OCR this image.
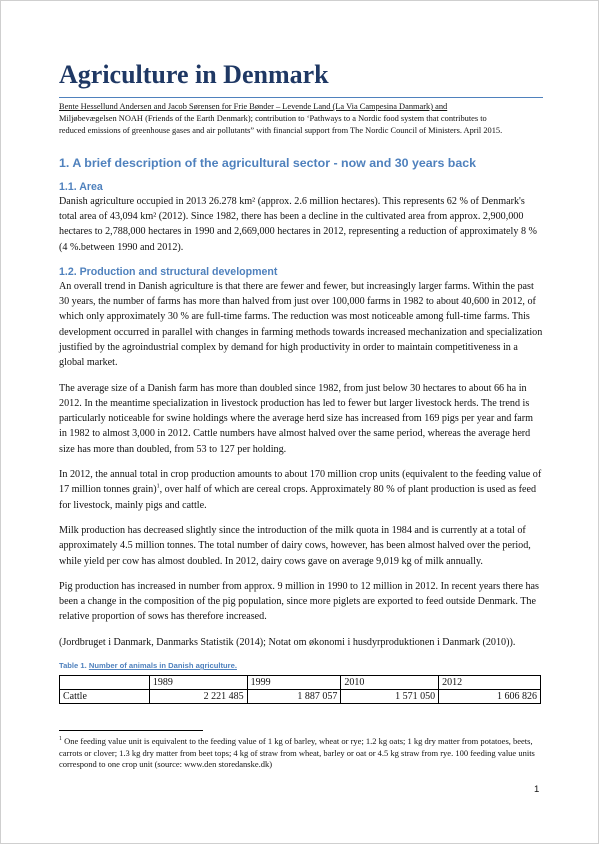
Agriculture in Denmark
Bente Hessellund Andersen and Jacob Sørensen for Frie Bønder – Levende Land (La Via Campesina Danmark) and
Miljøbevægelsen NOAH (Friends of the Earth Denmark); contribution to ‘Pathways to a Nordic food system that contributes to
reduced emissions of greenhouse gases and air pollutants” with financial support from The Nordic Council of Ministers. April 2015.
1. A brief description of the agricultural sector - now and 30 years back
1.1. Area

Danish agriculture occupied in 2013 26.278 km² (approx. 2.6 million hectares). This represents 62 % of Denmark's total area of 43,094 km² (2012). Since 1982, there has been a decline in the cultivated area from approx. 2,900,000 hectares to 2,788,000 hectares in 1990 and 2,669,000 hectares in 2012, representing a reduction of approximately 8 % (4 %.between 1990 and 2012).

1.2. Production and structural development

An overall trend in Danish agriculture is that there are fewer and fewer, but increasingly larger farms. Within the past 30 years, the number of farms has more than halved from just over 100,000 farms in 1982 to about 40,600 in 2012, of which only approximately 30 % are full-time farms. The reduction was most noticeable among full-time farms. This development occurred in parallel with changes in farming methods towards increased mechanization and specialization justified by the agroindustrial complex by demand for high productivity in order to maintain competitiveness in a global market.

The average size of a Danish farm has more than doubled since 1982, from just below 30 hectares to about 66 ha in 2012. In the meantime specialization in livestock production has led to fewer but larger livestock herds. The trend is particularly noticeable for swine holdings where the average herd size has increased from 169 pigs per year and farm in 1982 to almost 3,000 in 2012. Cattle numbers have almost halved over the same period, whereas the average herd size has more than doubled, from 53 to 127 per holding.

In 2012, the annual total in crop production amounts to about 170 million crop units (equivalent to the feeding value of 17 million tonnes grain)$^1$, over half of which are cereal crops. Approximately 80 % of plant production is used as feed for livestock, mainly pigs and cattle.

Milk production has decreased slightly since the introduction of the milk quota in 1984 and is currently at a total of approximately 4.5 million tonnes. The total number of dairy cows, however, has been almost halved over the period, while yield per cow has almost doubled. In 2012, dairy cows gave on average 9,019 kg of milk annually.

Pig production has increased in number from approx. 9 million in 1990 to 12 million in 2012. In recent years there has been a change in the composition of the pig population, since more piglets are exported to feed outside Denmark. The relative proportion of sows has therefore increased.

(Jordbruget i Danmark, Danmarks Statistik (2014); Notat om økonomi i husdyrproduktionen i Danmark (2010)).

Table 1. Number of animals in Danish agriculture.
	1989	1999	2010	2012
Cattle	2 221 485	1 887 057	1 571 050	1 606 826
$^1$ One feeding value unit is equivalent to the feeding value of 1 kg of barley, wheat or rye; 1.2 kg oats; 1 kg dry matter from potatoes, beets, carrots or clover; 1.3 kg dry matter from beet tops; 4 kg of straw from wheat, barley or oat or 4.5 kg straw from rye. 100 feeding value units correspond to one crop unit (source: www.den storedanske.dk)
1
